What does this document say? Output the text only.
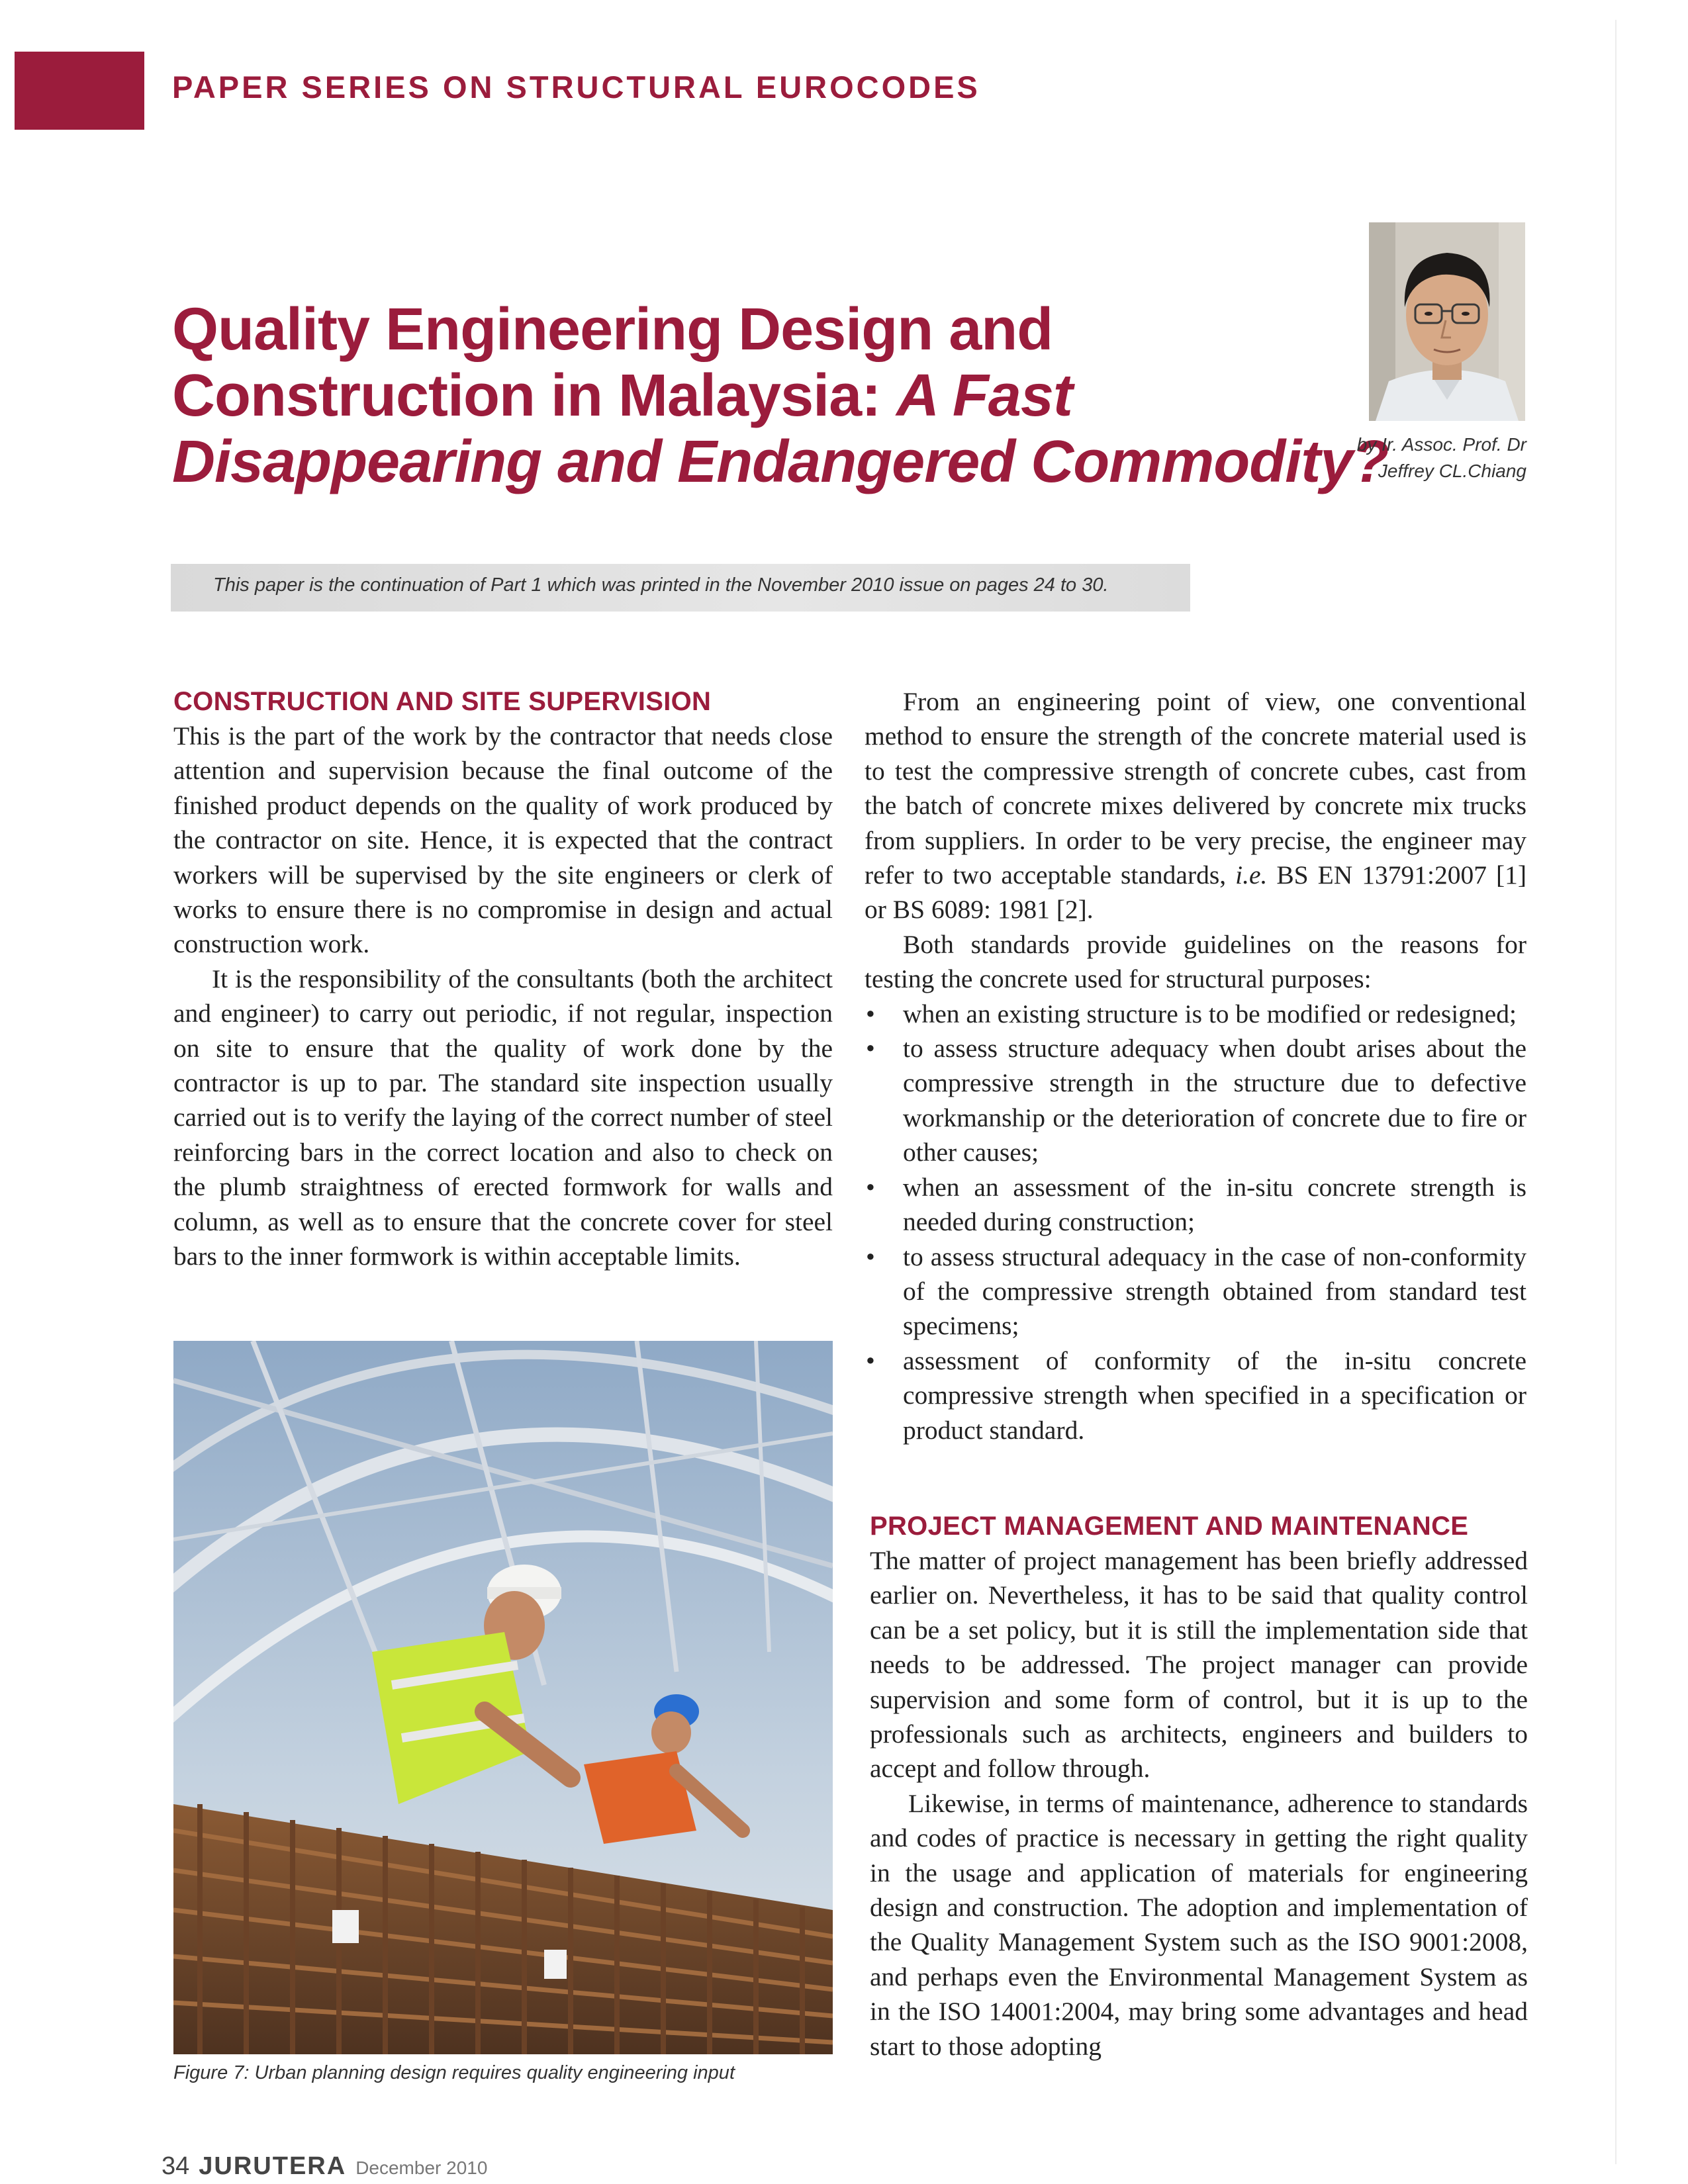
PAPER SERIES ON STRUCTURAL EUROCODES
Quality Engineering Design and
Construction in Malaysia: A Fast
Disappearing and Endangered Commodity?
by Ir. Assoc. Prof. Dr
Jeffrey CL.Chiang
This paper is the continuation of Part 1 which was printed in the November 2010 issue on pages 24 to 30.
CONSTRUCTION AND SITE SUPERVISION

This is the part of the work by the contractor that needs close attention and supervision because the final outcome of the finished product depends on the quality of work produced by the contractor on site. Hence, it is expected that the contract workers will be supervised by the site engineers or clerk of works to ensure there is no compromise in design and actual construction work.

It is the responsibility of the consultants (both the architect and engineer) to carry out periodic, if not regular, inspection on site to ensure that the quality of work done by the contractor is up to par. The standard site inspection usually carried out is to verify the laying of the correct number of steel reinforcing bars in the correct location and also to check on the plumb straightness of erected formwork for walls and column, as well as to ensure that the concrete cover for steel bars to the inner formwork is within acceptable limits.

Figure 7: Urban planning design requires quality engineering input

From an engineering point of view, one conventional method to ensure the strength of the concrete material used is to test the compressive strength of concrete cubes, cast from the batch of concrete mixes delivered by concrete mix trucks from suppliers. In order to be very precise, the engineer may refer to two acceptable standards, i.e. BS EN 13791:2007 [1] or BS 6089: 1981 [2].

Both standards provide guidelines on the reasons for testing the concrete used for structural purposes:

• when an existing structure is to be modified or redesigned;
• to assess structure adequacy when doubt arises about the compressive strength in the structure due to defective workmanship or the deterioration of concrete due to fire or other causes;
• when an assessment of the in-situ concrete strength is needed during construction;
• to assess structural adequacy in the case of non-conformity of the compressive strength obtained from standard test specimens;
• assessment of conformity of the in-situ concrete compressive strength when specified in a specification or product standard.
PROJECT MANAGEMENT AND MAINTENANCE

The matter of project management has been briefly addressed earlier on. Nevertheless, it has to be said that quality control can be a set policy, but it is still the implementation side that needs to be addressed. The project manager can provide supervision and some form of control, but it is up to the professionals such as architects, engineers and builders to accept and follow through.

Likewise, in terms of maintenance, adherence to standards and codes of practice is necessary in getting the right quality in the usage and application of materials for engineering design and construction. The adoption and implementation of the Quality Management System such as the ISO 9001:2008, and perhaps even the Environmental Management System as in the ISO 14001:2004, may bring some advantages and head start to those adopting

34 JURUTERA December 2010
